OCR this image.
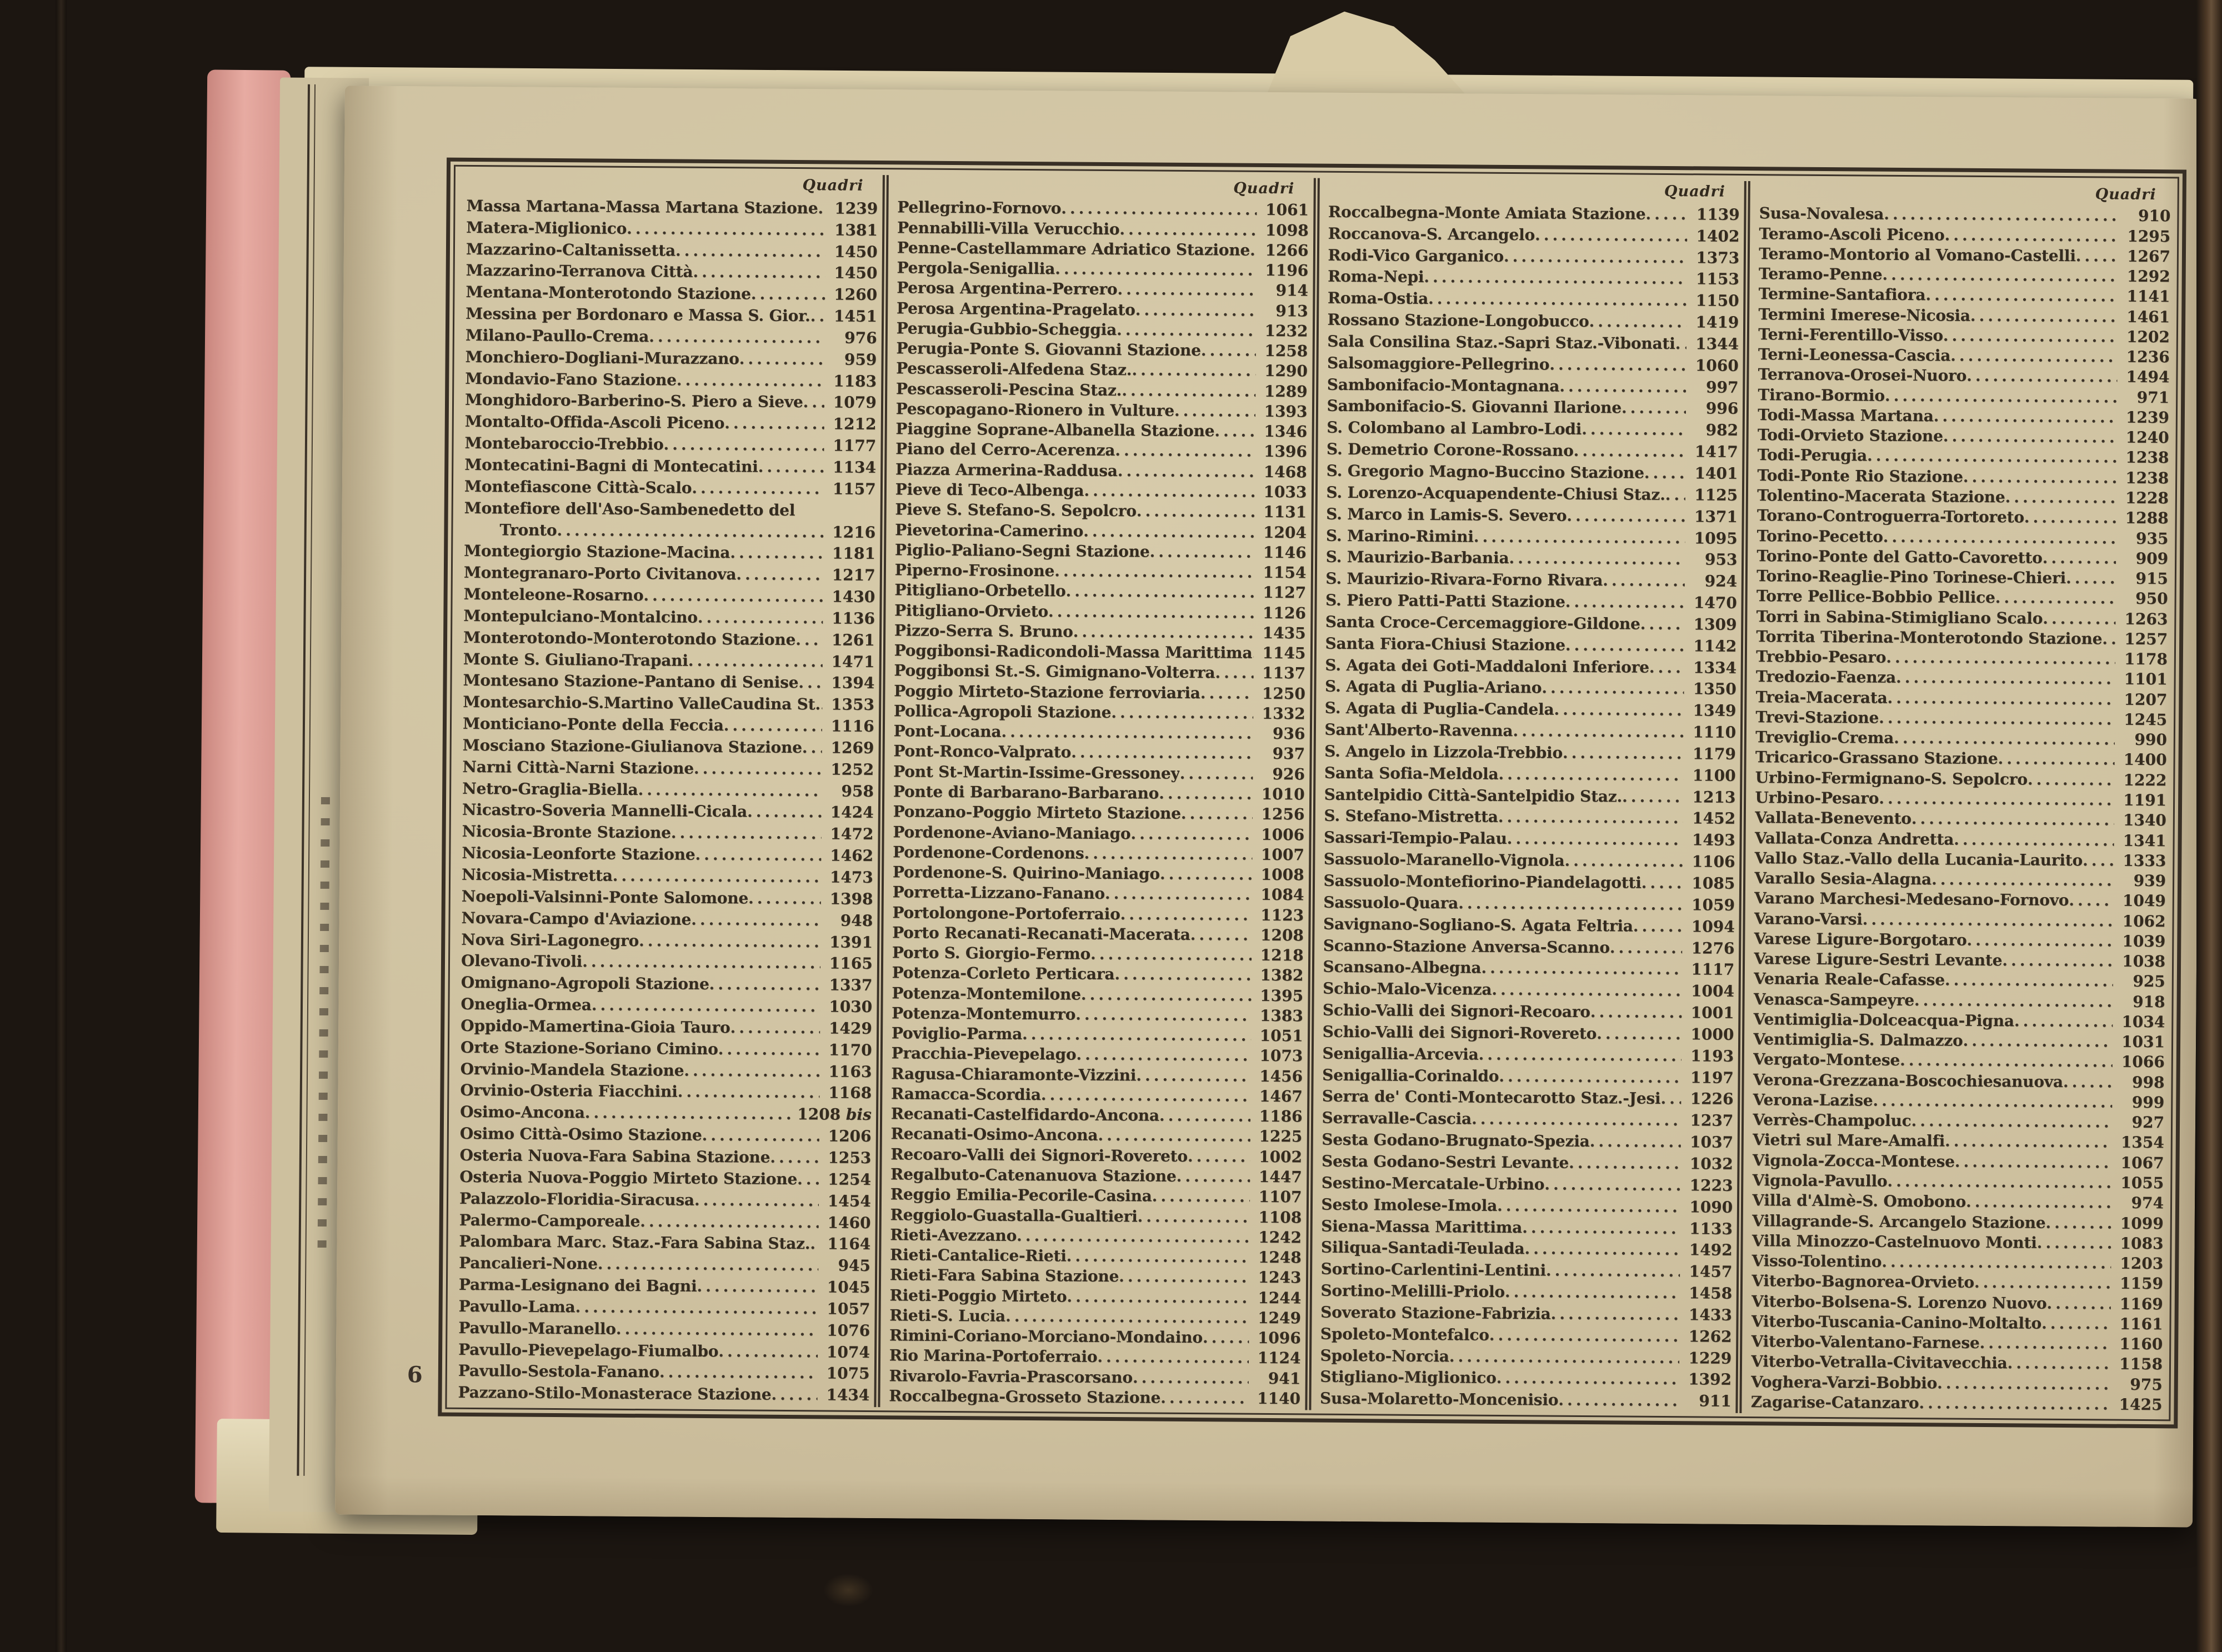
Quadri
Massa Martana-Massa Martana Stazione .....	1239
Matera-Miglionico .....	1381
Mazzarino-Caltanissetta .....	1450
Mazzarino-Terranova Città .....	1450
Mentana-Monterotondo Stazione .....	1260
Messina per Bordonaro e Massa S. Gior. .....	1451
Milano-Paullo-Crema .....	976
Monchiero-Dogliani-Murazzano .....	959
Mondavio-Fano Stazione .....	1183
Monghidoro-Barberino-S. Piero a Sieve .....	1079
Montalto-Offida-Ascoli Piceno .....	1212
Montebaroccio-Trebbio .....	1177
Montecatini-Bagni di Montecatini .....	1134
Montefiascone Città-Scalo .....	1157
Montefiore dell'Aso-Sambenedetto del
Tronto .....	1216
Montegiorgio Stazione-Macina .....	1181
Montegranaro-Porto Civitanova .....	1217
Monteleone-Rosarno .....	1430
Montepulciano-Montalcino .....	1136
Monterotondo-Monterotondo Stazione .....	1261
Monte S. Giuliano-Trapani .....	1471
Montesano Stazione-Pantano di Senise .....	1394
Montesarchio-S.Martino ValleCaudina St. ..... 1353
Monticiano-Ponte della Feccia .....	1116
Mosciano Stazione-Giulianova Stazione .....	1269
Narni Città-Narni Stazione .....	1252
Netro-Graglia-Biella .....	958
Nicastro-Soveria Mannelli-Cicala .....	1424
Nicosia-Bronte Stazione .....	1472
Nicosia-Leonforte Stazione .....	1462
Nicosia-Mistretta .....	1473
Noepoli-Valsinni-Ponte Salomone .....	1398
Novara-Campo d'Aviazione .....	948
Nova Siri-Lagonegro .....	1391
Olevano-Tivoli .....	1165
Omignano-Agropoli Stazione .....	1337
Oneglia-Ormea .....	1030
Oppido-Mamertina-Gioia Tauro .....	1429
Orte Stazione-Soriano Cimino .....	1170
Orvinio-Mandela Stazione .....	1163
Orvinio-Osteria Fiacchini .....	1168
Osimo-Ancona .....	1208 bis
Osimo Città-Osimo Stazione .....	1206
Osteria Nuova-Fara Sabina Stazione .....	1253
Osteria Nuova-Poggio Mirteto Stazione .....	1254
Palazzolo-Floridia-Siracusa .....	1454
Palermo-Camporeale .....	1460
Palombara Marc. Staz.-Fara Sabina Staz. .....	1164
Pancalieri-None .....	945
Parma-Lesignano dei Bagni .....	1045
Pavullo-Lama .....	1057
Pavullo-Maranello .....	1076
Pavullo-Pievepelago-Fiumalbo .....	1074
Pavullo-Sestola-Fanano .....	1075
Pazzano-Stilo-Monasterace Stazione .....	1434
Quadri
Pellegrino-Fornovo .....	1061
Pennabilli-Villa Verucchio .....	1098
Penne-Castellammare Adriatico Stazione ..... 1266
Pergola-Senigallia .....	1196
Perosa Argentina-Perrero .....	914
Perosa Argentina-Pragelato .....	913
Perugia-Gubbio-Scheggia .....	1232
Perugia-Ponte S. Giovanni Stazione .....	1258
Pescasseroli-Alfedena Staz. .....	1290
Pescasseroli-Pescina Staz. .....	1289
Pescopagano-Rionero in Vulture .....	1393
Piaggine Soprane-Albanella Stazione .....	1346
Piano del Cerro-Acerenza .....	1396
Piazza Armerina-Raddusa .....	1468
Pieve di Teco-Albenga .....	1033
Pieve S. Stefano-S. Sepolcro .....	1131
Pievetorina-Camerino .....	1204
Piglio-Paliano-Segni Stazione .....	1146
Piperno-Frosinone .....	1154
Pitigliano-Orbetello .....	1127
Pitigliano-Orvieto .....	1126
Pizzo-Serra S. Bruno .....	1435
Poggibonsi-Radicondoli-Massa Marittima ..... 1145
Poggibonsi St.-S. Gimignano-Volterra .....	1137
Poggio Mirteto-Stazione ferroviaria .....	1250
Pollica-Agropoli Stazione .....	1332
Pont-Locana .....	936
Pont-Ronco-Valprato .....	937
Pont St-Martin-Issime-Gressoney .....	926
Ponte di Barbarano-Barbarano .....	1010
Ponzano-Poggio Mirteto Stazione .....	1256
Pordenone-Aviano-Maniago .....	1006
Pordenone-Cordenons .....	1007
Pordenone-S. Quirino-Maniago .....	1008
Porretta-Lizzano-Fanano .....	1084
Portolongone-Portoferraio .....	1123
Porto Recanati-Recanati-Macerata .....	1208
Porto S. Giorgio-Fermo .....	1218
Potenza-Corleto Perticara .....	1382
Potenza-Montemilone .....	1395
Potenza-Montemurro .....	1383
Poviglio-Parma .....	1051
Pracchia-Pievepelago .....	1073
Ragusa-Chiaramonte-Vizzini .....	1456
Ramacca-Scordia .....	1467
Recanati-Castelfidardo-Ancona .....	1186
Recanati-Osimo-Ancona .....	1225
Recoaro-Valli dei Signori-Rovereto .....	1002
Regalbuto-Catenanuova Stazione .....	1447
Reggio Emilia-Pecorile-Casina .....	1107
Reggiolo-Guastalla-Gualtieri .....	1108
Rieti-Avezzano .....	1242
Rieti-Cantalice-Rieti .....	1248
Rieti-Fara Sabina Stazione .....	1243
Rieti-Poggio Mirteto .....	1244
Rieti-S. Lucia .....	1249
Rimini-Coriano-Morciano-Mondaino .....	1096
Rio Marina-Portoferraio .....	1124
Rivarolo-Favria-Prascorsano .....	941
Roccalbegna-Grosseto Stazione .....	1140
Quadri
Roccalbegna-Monte Amiata Stazione .....	1139
Roccanova-S. Arcangelo .....	1402
Rodi-Vico Garganico .....	1373
Roma-Nepi .....	1153
Roma-Ostia .....	1150
Rossano Stazione-Longobucco .....	1419
Sala Consilina Staz.-Sapri Staz.-Vibonati .....	1344
Salsomaggiore-Pellegrino .....	1060
Sambonifacio-Montagnana .....	997
Sambonifacio-S. Giovanni Ilarione .....	996
S. Colombano al Lambro-Lodi .....	982
S. Demetrio Corone-Rossano .....	1417
S. Gregorio Magno-Buccino Stazione .....	1401
S. Lorenzo-Acquapendente-Chiusi Staz. .....	1125
S. Marco in Lamis-S. Severo .....	1371
S. Marino-Rimini .....	1095
S. Maurizio-Barbania .....	953
S. Maurizio-Rivara-Forno Rivara .....	924
S. Piero Patti-Patti Stazione .....	1470
Santa Croce-Cercemaggiore-Gildone .....	1309
Santa Fiora-Chiusi Stazione .....	1142
S. Agata dei Goti-Maddaloni Inferiore .....	1334
S. Agata di Puglia-Ariano .....	1350
S. Agata di Puglia-Candela .....	1349
Sant'Alberto-Ravenna .....	1110
S. Angelo in Lizzola-Trebbio .....	1179
Santa Sofia-Meldola .....	1100
Santelpidio Città-Santelpidio Staz. .....	1213
S. Stefano-Mistretta .....	1452
Sassari-Tempio-Palau .....	1493
Sassuolo-Maranello-Vignola .....	1106
Sassuolo-Montefiorino-Piandelagotti .....	1085
Sassuolo-Quara .....	1059
Savignano-Sogliano-S. Agata Feltria .....	1094
Scanno-Stazione Anversa-Scanno .....	1276
Scansano-Albegna .....	1117
Schio-Malo-Vicenza .....	1004
Schio-Valli dei Signori-Recoaro .....	1001
Schio-Valli dei Signori-Rovereto .....	1000
Senigallia-Arcevia .....	1193
Senigallia-Corinaldo .....	1197
Serra de' Conti-Montecarotto Staz.-Jesi .....	1226
Serravalle-Cascia .....	1237
Sesta Godano-Brugnato-Spezia .....	1037
Sesta Godano-Sestri Levante .....	1032
Sestino-Mercatale-Urbino .....	1223
Sesto Imolese-Imola .....	1090
Siena-Massa Marittima .....	1133
Siliqua-Santadi-Teulada .....	1492
Sortino-Carlentini-Lentini .....	1457
Sortino-Melilli-Priolo .....	1458
Soverato Stazione-Fabrizia .....	1433
Spoleto-Montefalco .....	1262
Spoleto-Norcia .....	1229
Stigliano-Miglionico .....	1392
Susa-Molaretto-Moncenisio .....	911
Quadri
Susa-Novalesa .....	910
Teramo-Ascoli Piceno .....	1295
Teramo-Montorio al Vomano-Castelli .....	1267
Teramo-Penne .....	1292
Termine-Santafiora .....	1141
Termini Imerese-Nicosia .....	1461
Terni-Ferentillo-Visso .....	1202
Terni-Leonessa-Cascia .....	1236
Terranova-Orosei-Nuoro .....	1494
Tirano-Bormio .....	971
Todi-Massa Martana .....	1239
Todi-Orvieto Stazione .....	1240
Todi-Perugia .....	1238
Todi-Ponte Rio Stazione .....	1238
Tolentino-Macerata Stazione .....	1228
Torano-Controguerra-Tortoreto .....	1288
Torino-Pecetto .....	935
Torino-Ponte del Gatto-Cavoretto .....	909
Torino-Reaglie-Pino Torinese-Chieri .....	915
Torre Pellice-Bobbio Pellice .....	950
Torri in Sabina-Stimigliano Scalo .....	1263
Torrita Tiberina-Monterotondo Stazione .....	1257
Trebbio-Pesaro .....	1178
Tredozio-Faenza .....	1101
Treia-Macerata .....	1207
Trevi-Stazione .....	1245
Treviglio-Crema .....	990
Tricarico-Grassano Stazione .....	1400
Urbino-Fermignano-S. Sepolcro .....	1222
Urbino-Pesaro .....	1191
Vallata-Benevento .....	1340
Vallata-Conza Andretta .....	1341
Vallo Staz.-Vallo della Lucania-Laurito .....	1333
Varallo Sesia-Alagna .....	939
Varano Marchesi-Medesano-Fornovo .....	1049
Varano-Varsi .....	1062
Varese Ligure-Borgotaro .....	1039
Varese Ligure-Sestri Levante .....	1038
Venaria Reale-Cafasse .....	925
Venasca-Sampeyre .....	918
Ventimiglia-Dolceacqua-Pigna .....	1034
Ventimiglia-S. Dalmazzo .....	1031
Vergato-Montese .....	1066
Verona-Grezzana-Boscochiesanuova .....	998
Verona-Lazise .....	999
Verrès-Champoluc .....	927
Vietri sul Mare-Amalfi .....	1354
Vignola-Zocca-Montese .....	1067
Vignola-Pavullo .....	1055
Villa d'Almè-S. Omobono .....	974
Villagrande-S. Arcangelo Stazione .....	1099
Villa Minozzo-Castelnuovo Monti .....	1083
Visso-Tolentino .....	1203
Viterbo-Bagnorea-Orvieto .....	1159
Viterbo-Bolsena-S. Lorenzo Nuovo .....	1169
Viterbo-Tuscania-Canino-Moltalto .....	1161
Viterbo-Valentano-Farnese .....	1160
Viterbo-Vetralla-Civitavecchia .....	1158
Voghera-Varzi-Bobbio .....	975
Zagarise-Catanzaro .....	1425
6
